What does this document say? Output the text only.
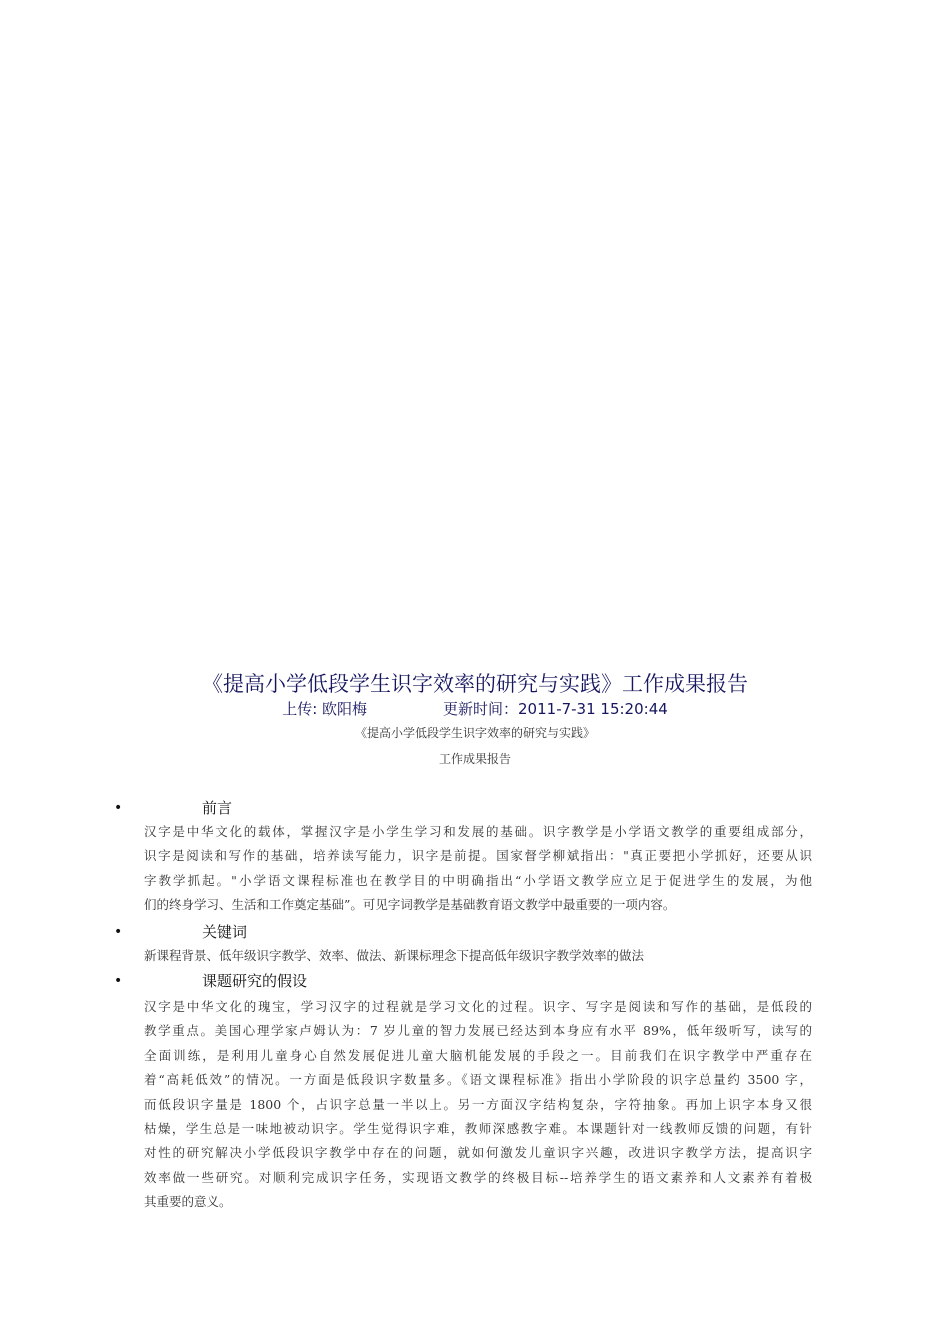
《提高小学低段学生识字效率的研究与实践》工作成果报告
上传: 欧阳梅	更新时间：2011-7-31 15:20:44
《提高小学低段学生识字效率的研究与实践》
工作成果报告
•	前言
汉字是中华文化的载体，掌握汉字是小学生学习和发展的基础。识字教学是小学语文教学的重要组成部分，
识字是阅读和写作的基础，培养读写能力，识字是前提。国家督学柳斌指出："真正要把小学抓好，还要从识
字教学抓起。"小学语文课程标准也在教学目的中明确指出“小学语文教学应立足于促进学生的发展，为他
们的终身学习、生活和工作奠定基础”。可见字词教学是基础教育语文教学中最重要的一项内容。
•	关键词
新课程背景、低年级识字教学、效率、做法、新课标理念下提高低年级识字教学效率的做法
•	课题研究的假设
汉字是中华文化的瑰宝，学习汉字的过程就是学习文化的过程。识字、写字是阅读和写作的基础，是低段的
教学重点。美国心理学家卢姆认为：7 岁儿童的智力发展已经达到本身应有水平 89%，低年级听写，读写的
全面训练，是利用儿童身心自然发展促进儿童大脑机能发展的手段之一。目前我们在识字教学中严重存在
着“高耗低效”的情况。一方面是低段识字数量多。《语文课程标准》指出小学阶段的识字总量约 3500 字，
而低段识字量是 1800 个，占识字总量一半以上。另一方面汉字结构复杂，字符抽象。再加上识字本身又很
枯燥，学生总是一味地被动识字。学生觉得识字难，教师深感教字难。本课题针对一线教师反馈的问题，有针
对性的研究解决小学低段识字教学中存在的问题，就如何激发儿童识字兴趣，改进识字教学方法，提高识字
效率做一些研究。对顺利完成识字任务，实现语文教学的终极目标--培养学生的语文素养和人文素养有着极
其重要的意义。
